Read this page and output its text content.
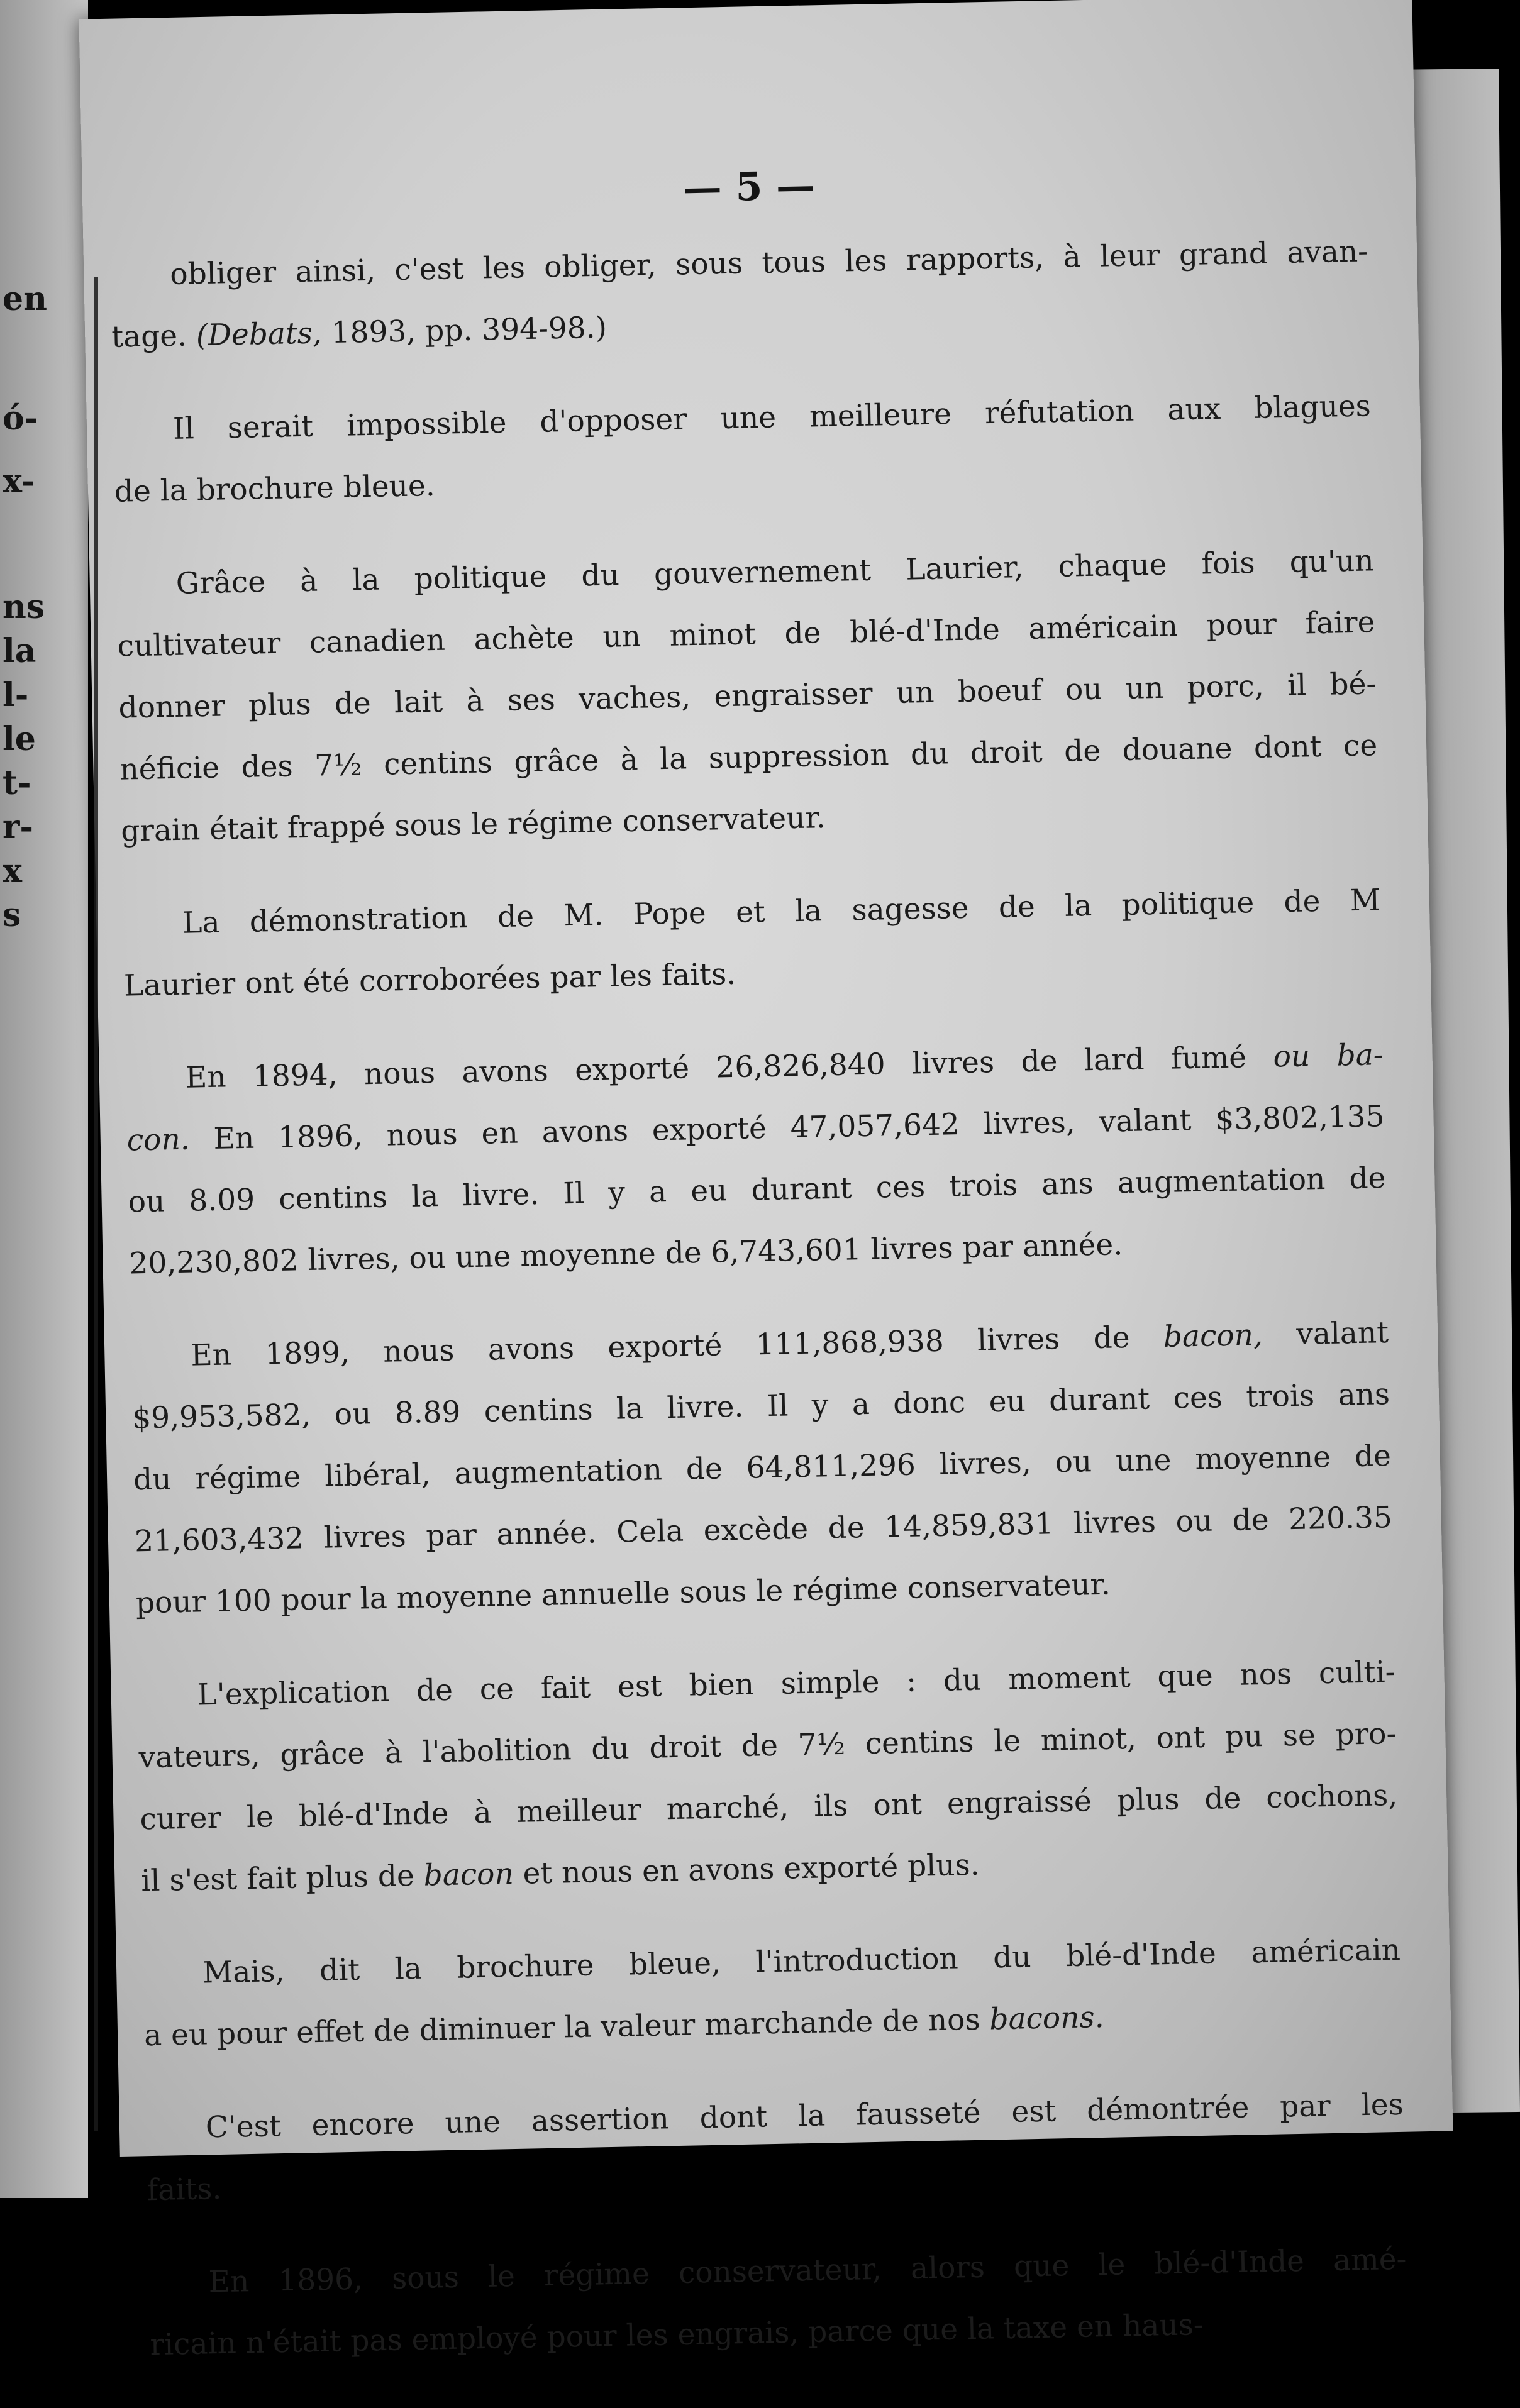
en
ó-
x-
ns
la
l-
le
t-
r-
x
s
— 5 —

obliger ainsi, c'est les obliger, sous tous les rapports, à leur grand avan-
tage. (Debats, 1893, pp. 394-98.)

Il serait impossible d'opposer une meilleure réfutation aux blagues
de la brochure bleue.

Grâce à la politique du gouvernement Laurier, chaque fois qu'un
cultivateur canadien achète un minot de blé-d'Inde américain pour faire
donner plus de lait à ses vaches, engraisser un boeuf ou un porc, il bé-
néficie des 7½ centins grâce à la suppression du droit de douane dont ce
grain était frappé sous le régime conservateur.

La démonstration de M. Pope et la sagesse de la politique de M
Laurier ont été corroborées par les faits.

En 1894, nous avons exporté 26,826,840 livres de lard fumé ou ba-
con. En 1896, nous en avons exporté 47,057,642 livres, valant $3,802,135
ou 8.09 centins la livre. Il y a eu durant ces trois ans augmentation de
20,230,802 livres, ou une moyenne de 6,743,601 livres par année.

En 1899, nous avons exporté 111,868,938 livres de bacon, valant
$9,953,582, ou 8.89 centins la livre. Il y a donc eu durant ces trois ans
du régime libéral, augmentation de 64,811,296 livres, ou une moyenne de
21,603,432 livres par année. Cela excède de 14,859,831 livres ou de 220.35
pour 100 pour la moyenne annuelle sous le régime conservateur.

L'explication de ce fait est bien simple : du moment que nos culti-
vateurs, grâce à l'abolition du droit de 7½ centins le minot, ont pu se pro-
curer le blé-d'Inde à meilleur marché, ils ont engraissé plus de cochons,
il s'est fait plus de bacon et nous en avons exporté plus.

Mais, dit la brochure bleue, l'introduction du blé-d'Inde américain
a eu pour effet de diminuer la valeur marchande de nos bacons.

C'est encore une assertion dont la fausseté est démontrée par les
faits.

En 1896, sous le régime conservateur, alors que le blé-d'Inde amé-
ricain n'était pas employé pour les engrais, parce que la taxe en haus-
